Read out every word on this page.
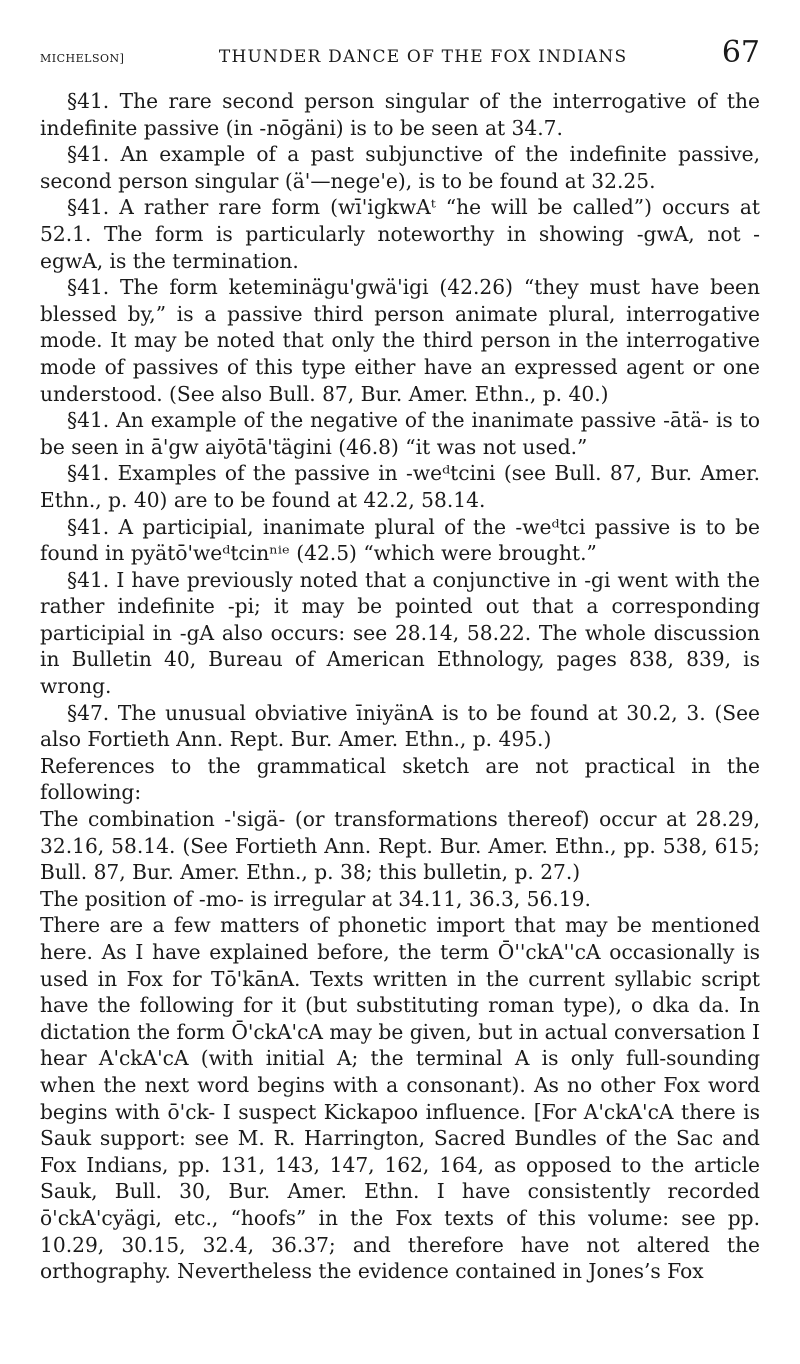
MICHELSON]	THUNDER DANCE OF THE FOX INDIANS	67

§41. The rare second person singular of the interrogative of the indefinite passive (in -nōgäni) is to be seen at 34.7.

§41. An example of a past subjunctive of the indefinite passive, second person singular (ä'—nege'e), is to be found at 32.25.

§41. A rather rare form (wī'igkwAᵗ “he will be called”) occurs at 52.1. The form is particularly noteworthy in showing -gwA, not -egwA, is the termination.

§41. The form keteminägu'gwä'igi (42.26) “they must have been blessed by,” is a passive third person animate plural, interrogative mode. It may be noted that only the third person in the interrogative mode of passives of this type either have an expressed agent or one understood. (See also Bull. 87, Bur. Amer. Ethn., p. 40.)

§41. An example of the negative of the inanimate passive -ātä- is to be seen in ā'gw aiyōtā'tägini (46.8) “it was not used.”

§41. Examples of the passive in -weᵈtcini (see Bull. 87, Bur. Amer. Ethn., p. 40) are to be found at 42.2, 58.14.

§41. A participial, inanimate plural of the -weᵈtci passive is to be found in pyätō'weᵈtcinⁿⁱᵉ (42.5) “which were brought.”

§41. I have previously noted that a conjunctive in -gi went with the rather indefinite -pi; it may be pointed out that a corresponding participial in -gA also occurs: see 28.14, 58.22. The whole discussion in Bulletin 40, Bureau of American Ethnology, pages 838, 839, is wrong.

§47. The unusual obviative īniyänA is to be found at 30.2, 3. (See also Fortieth Ann. Rept. Bur. Amer. Ethn., p. 495.)

References to the grammatical sketch are not practical in the following:

The combination -'sigä- (or transformations thereof) occur at 28.29, 32.16, 58.14. (See Fortieth Ann. Rept. Bur. Amer. Ethn., pp. 538, 615; Bull. 87, Bur. Amer. Ethn., p. 38; this bulletin, p. 27.)

The position of -mo- is irregular at 34.11, 36.3, 56.19.

There are a few matters of phonetic import that may be mentioned here. As I have explained before, the term Ō''ckA''cA occasionally is used in Fox for Tō'kānA. Texts written in the current syllabic script have the following for it (but substituting roman type), o dka da. In dictation the form Ō'ckA'cA may be given, but in actual conversation I hear A'ckA'cA (with initial A; the terminal A is only full-sounding when the next word begins with a consonant). As no other Fox word begins with ō'ck- I suspect Kickapoo influence. [For A'ckA'cA there is Sauk support: see M. R. Harrington, Sacred Bundles of the Sac and Fox Indians, pp. 131, 143, 147, 162, 164, as opposed to the article Sauk, Bull. 30, Bur. Amer. Ethn. I have consistently recorded ō'ckA'cyägi, etc., “hoofs” in the Fox texts of this volume: see pp. 10.29, 30.15, 32.4, 36.37; and therefore have not altered the orthography. Nevertheless the evidence contained in Jones’s Fox
